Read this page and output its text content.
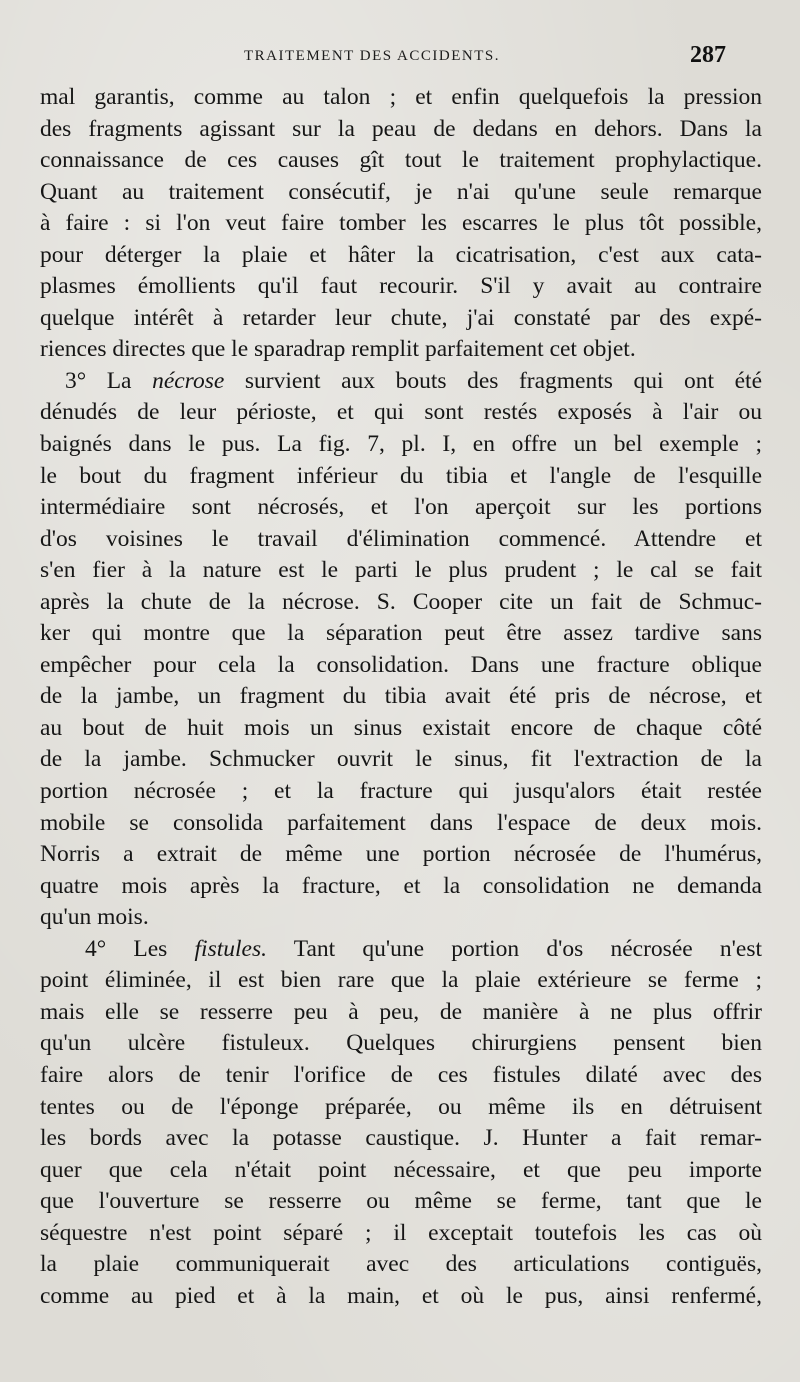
TRAITEMENT DES ACCIDENTS.	287
mal garantis, comme au talon ; et enfin quelquefois la pression
des fragments agissant sur la peau de dedans en dehors. Dans la
connaissance de ces causes gît tout le traitement prophylactique.
Quant au traitement consécutif, je n'ai qu'une seule remarque
à faire : si l'on veut faire tomber les escarres le plus tôt possible,
pour déterger la plaie et hâter la cicatrisation, c'est aux cata-
plasmes émollients qu'il faut recourir. S'il y avait au contraire
quelque intérêt à retarder leur chute, j'ai constaté par des expé-
riences directes que le sparadrap remplit parfaitement cet objet.
3° La nécrose survient aux bouts des fragments qui ont été
dénudés de leur périoste, et qui sont restés exposés à l'air ou
baignés dans le pus. La fig. 7, pl. I, en offre un bel exemple ;
le bout du fragment inférieur du tibia et l'angle de l'esquille
intermédiaire sont nécrosés, et l'on aperçoit sur les portions
d'os voisines le travail d'élimination commencé. Attendre et
s'en fier à la nature est le parti le plus prudent ; le cal se fait
après la chute de la nécrose. S. Cooper cite un fait de Schmuc-
ker qui montre que la séparation peut être assez tardive sans
empêcher pour cela la consolidation. Dans une fracture oblique
de la jambe, un fragment du tibia avait été pris de nécrose, et
au bout de huit mois un sinus existait encore de chaque côté
de la jambe. Schmucker ouvrit le sinus, fit l'extraction de la
portion nécrosée ; et la fracture qui jusqu'alors était restée
mobile se consolida parfaitement dans l'espace de deux mois.
Norris a extrait de même une portion nécrosée de l'humérus,
quatre mois après la fracture, et la consolidation ne demanda
qu'un mois.
4° Les fistules. Tant qu'une portion d'os nécrosée n'est
point éliminée, il est bien rare que la plaie extérieure se ferme ;
mais elle se resserre peu à peu, de manière à ne plus offrir
qu'un ulcère fistuleux. Quelques chirurgiens pensent bien
faire alors de tenir l'orifice de ces fistules dilaté avec des
tentes ou de l'éponge préparée, ou même ils en détruisent
les bords avec la potasse caustique. J. Hunter a fait remar-
quer que cela n'était point nécessaire, et que peu importe
que l'ouverture se resserre ou même se ferme, tant que le
séquestre n'est point séparé ; il exceptait toutefois les cas où
la plaie communiquerait avec des articulations contiguës,
comme au pied et à la main, et où le pus, ainsi renfermé,
